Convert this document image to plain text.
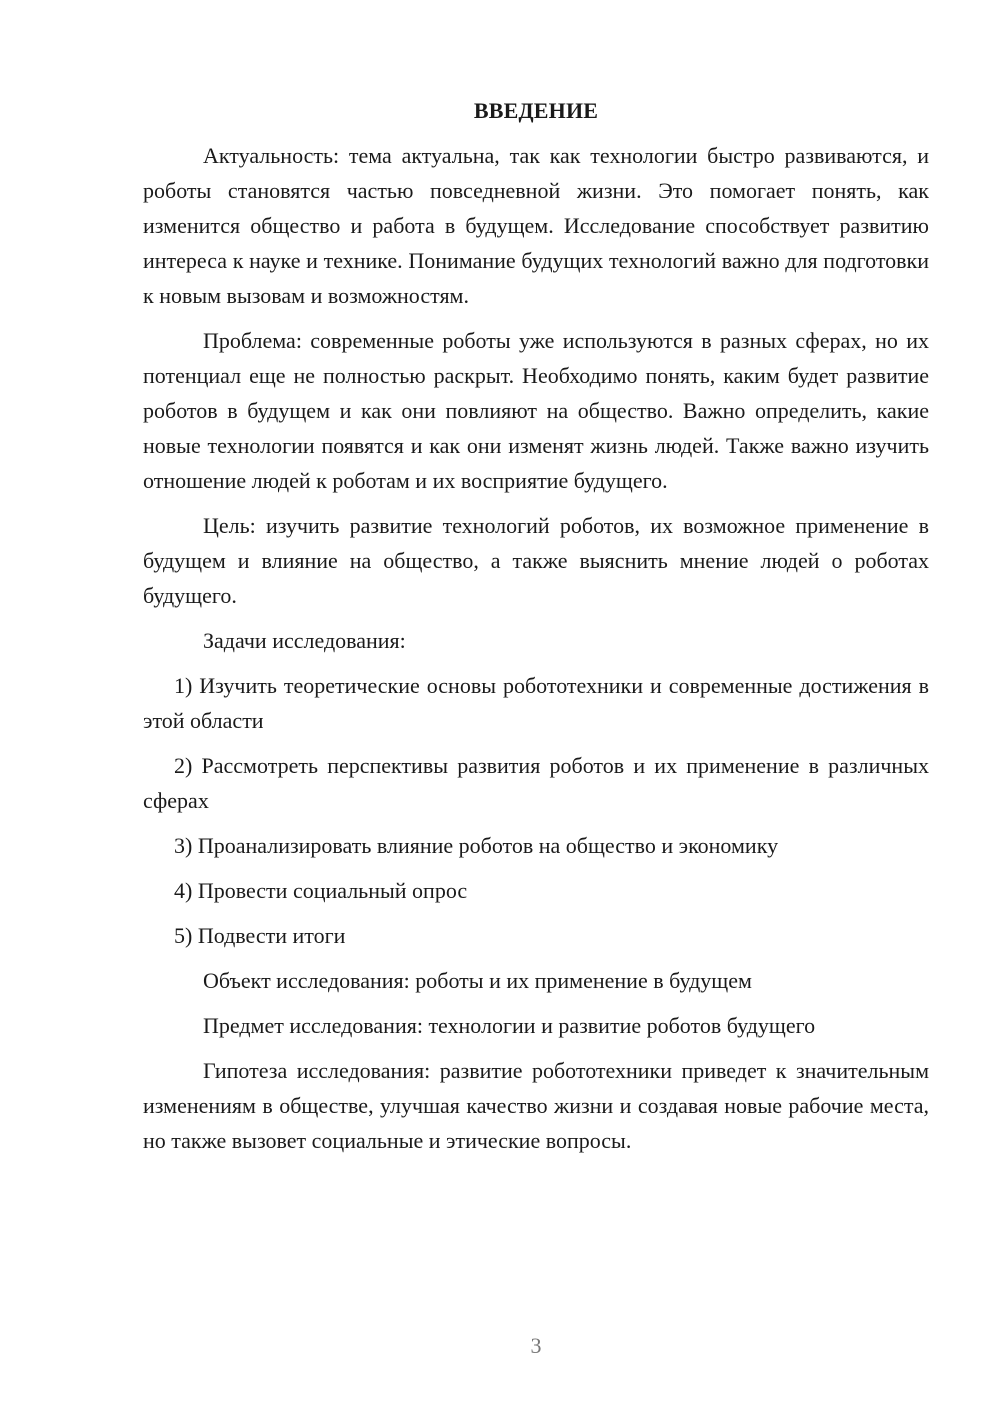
ВВЕДЕНИЕ

Актуальность: тема актуальна, так как технологии быстро развиваются, и роботы становятся частью повседневной жизни. Это помогает понять, как изменится общество и работа в будущем. Исследование способствует развитию интереса к науке и технике. Понимание будущих технологий важно для подготовки к новым вызовам и возможностям.

Проблема: современные роботы уже используются в разных сферах, но их потенциал еще не полностью раскрыт. Необходимо понять, каким будет развитие роботов в будущем и как они повлияют на общество. Важно определить, какие новые технологии появятся и как они изменят жизнь людей. Также важно изучить отношение людей к роботам и их восприятие будущего.

Цель: изучить развитие технологий роботов, их возможное применение в будущем и влияние на общество, а также выяснить мнение людей о роботах будущего.

Задачи исследования:

1) Изучить теоретические основы робототехники и современные достижения в этой области

2) Рассмотреть перспективы развития роботов и их применение в различных сферах

3) Проанализировать влияние роботов на общество и экономику

4) Провести социальный опрос

5) Подвести итоги

Объект исследования: роботы и их применение в будущем

Предмет исследования: технологии и развитие роботов будущего

Гипотеза исследования: развитие робототехники приведет к значительным изменениям в обществе, улучшая качество жизни и создавая новые рабочие места, но также вызовет социальные и этические вопросы.

3
